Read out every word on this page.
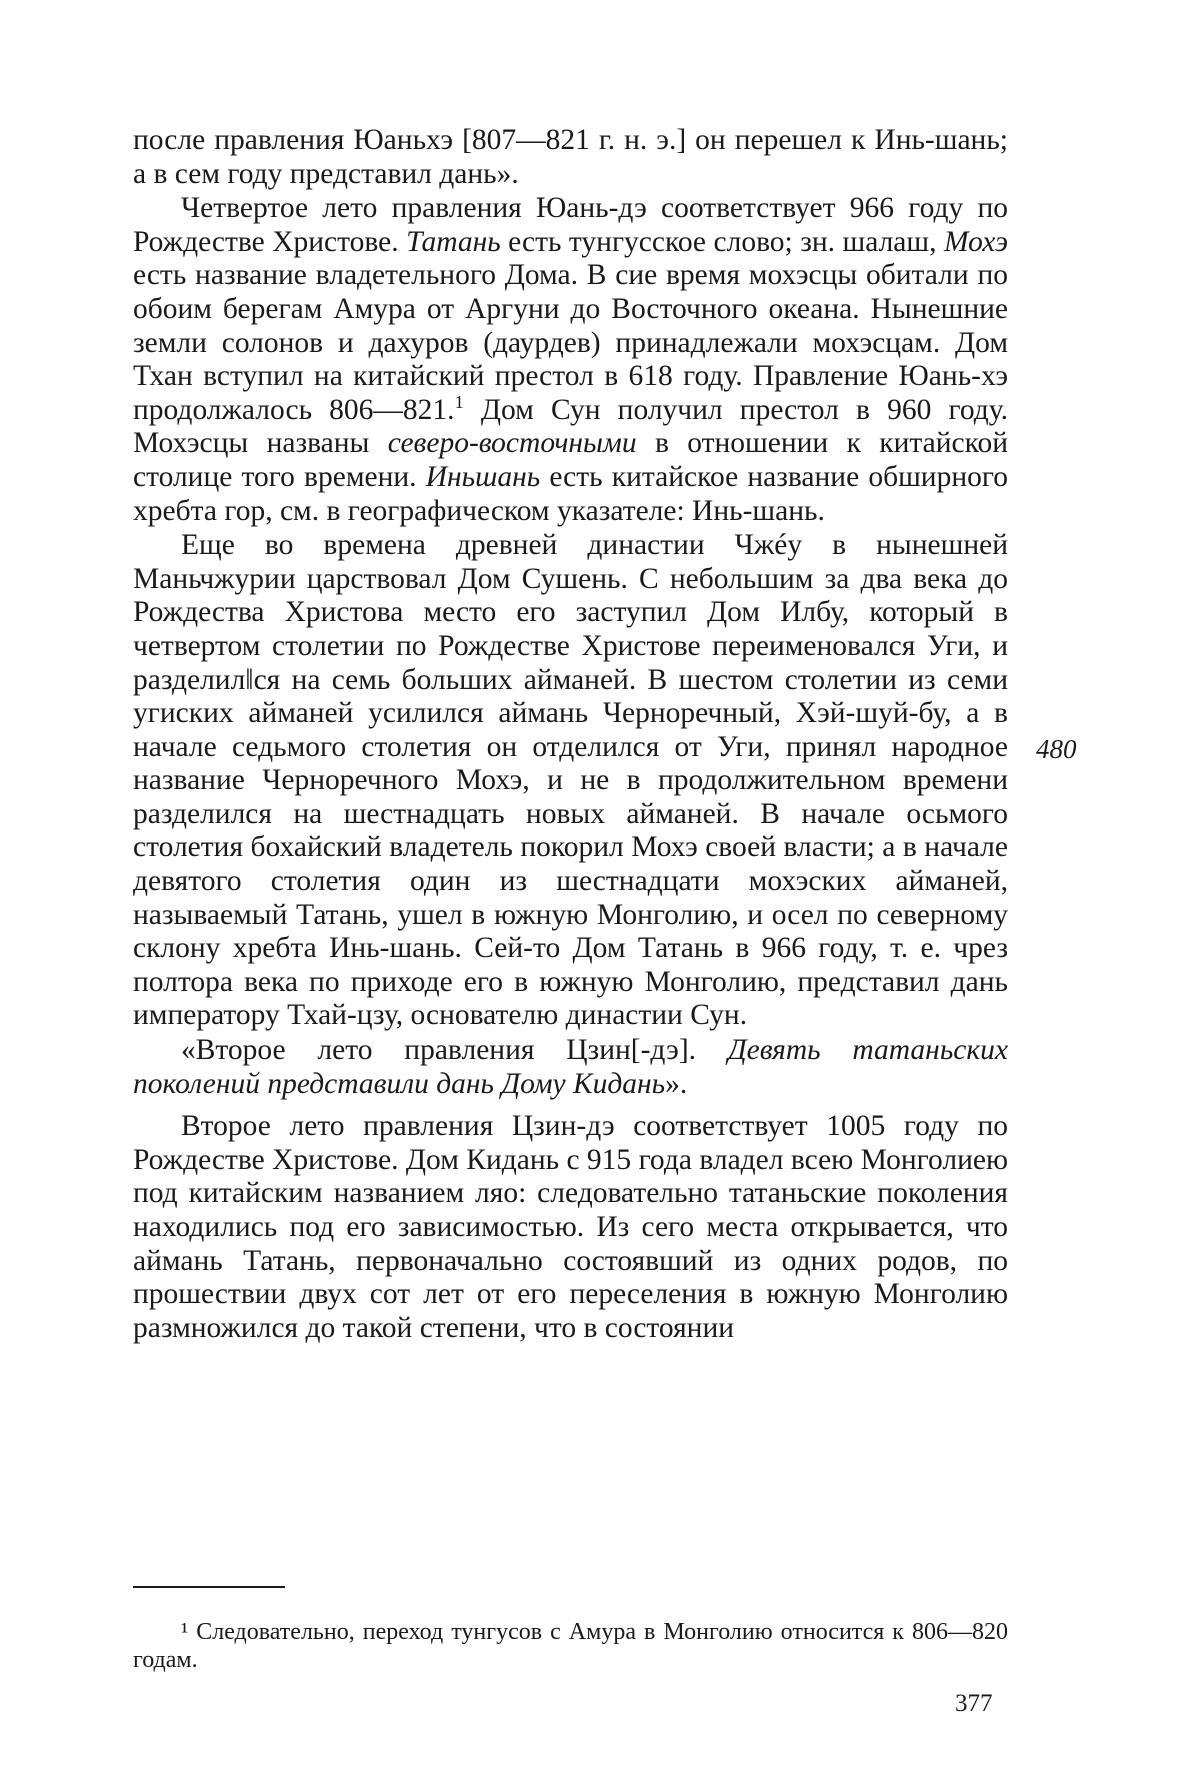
после правления Юаньхэ [807—821 г. н. э.] он перешел к Инь-шань; а в сем году представил дань».

Четвертое лето правления Юань-дэ соответствует 966 году по Рождестве Христове. Татань есть тунгусское слово; зн. шалаш, Мохэ есть название владетельного Дома. В сие время мохэсцы обитали по обоим берегам Амура от Аргуни до Восточного океана. Нынешние земли солонов и дахуров (даурдев) принадлежали мохэсцам. Дом Тхан вступил на китайский престол в 618 году. Правление Юань-хэ продолжалось 806—821.$^1$ Дом Сун получил престол в 960 году. Мохэсцы названы северо-восточными в отношении к китайской столице того времени. Иньшань есть китайское название обширного хребта гор, см. в географическом указателе: Инь-шань.

Еще во времена древней династии Чжéу в нынешней Маньчжурии царствовал Дом Сушень. С небольшим за два века до Рождества Христова место его заступил Дом Илбу, который в четвертом столетии по Рождестве Христове переименовался Уги, и разделил‖ся на семь больших айманей. В шестом столетии из семи угиских айманей усилился аймань Черноречный, Хэй-шуй-бу, а в начале седьмого столетия он отделился от Уги, принял народное название Черноречного Мохэ, и не в продолжительном времени разделился на шестнадцать новых айманей. В начале осьмого столетия бохайский владетель покорил Мохэ своей власти; а в начале девятого столетия один из шестнадцати мохэских айманей, называемый Татань, ушел в южную Монголию, и осел по северному склону хребта Инь-шань. Сей-то Дом Татань в 966 году, т. е. чрез полтора века по приходе его в южную Монголию, представил дань императору Тхай-цзу, основателю династии Сун.

«Второе лето правления Цзин[-дэ]. Девять татаньских поколений представили дань Дому Кидань».

Второе лето правления Цзин-дэ соответствует 1005 году по Рождестве Христове. Дом Кидань с 915 года владел всею Монголиею под китайским названием ляо: следовательно татаньские поколения находились под его зависимостью. Из сего места открывается, что аймань Татань, первоначально состоявший из одних родов, по прошествии двух сот лет от его переселения в южную Монголию размножился до такой степени, что в состоянии

480

¹ Следовательно, переход тунгусов с Амура в Монголию относится к 806—820 годам.

377
